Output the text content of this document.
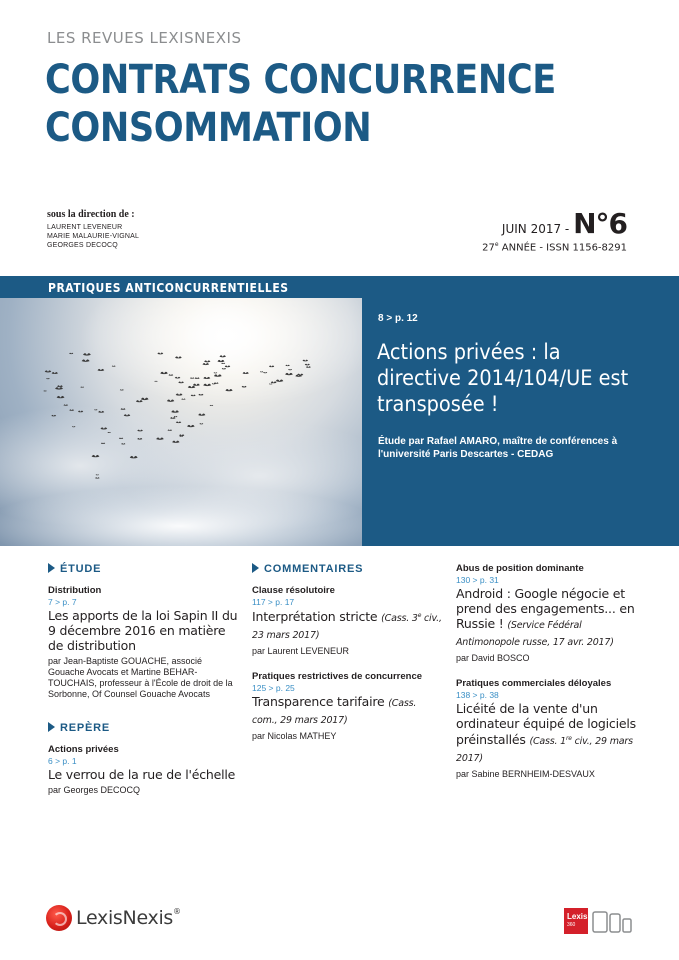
LES REVUES LEXISNEXIS
CONTRATS CONCURRENCE
CONSOMMATION
sous la direction de :
LAURENT LEVENEUR
MARIE MALAURIE-VIGNAL
GEORGES DECOCQ
JUIN 2017 - N°6
27e ANNÉE - ISSN 1156-8291
PRATIQUES ANTICONCURRENTIELLES
8 > p. 12
Actions privées : la directive 2014/104/UE est transposée !
Étude par Rafael AMARO, maître de conférences à l'université Paris Descartes - CEDAG
ÉTUDE
Distribution
7 > p. 7
Les apports de la loi Sapin II du 9 décembre 2016 en matière de distribution
par Jean-Baptiste GOUACHE, associé Gouache Avocats et Martine BEHAR-TOUCHAIS, professeur à l'École de droit de la Sorbonne, Of Counsel Gouache Avocats
REPÈRE
Actions privées
6 > p. 1
Le verrou de la rue de l'échelle
par Georges DECOCQ
COMMENTAIRES
Clause résolutoire
117 > p. 17
Interprétation stricte (Cass. 3e civ., 23 mars 2017)
par Laurent LEVENEUR
Pratiques restrictives de concurrence
125 > p. 25
Transparence tarifaire (Cass. com., 29 mars 2017)
par Nicolas MATHEY
Abus de position dominante
130 > p. 31
Android : Google négocie et prend des engagements... en Russie ! (Service Fédéral Antimonopole russe, 17 avr. 2017)
par David BOSCO
Pratiques commerciales déloyales
138 > p. 38
Licéité de la vente d'un ordinateur équipé de logiciels préinstallés (Cass. 1re civ., 29 mars 2017)
par Sabine BERNHEIM-DESVAUX
LexisNexis®
Lexis
360
